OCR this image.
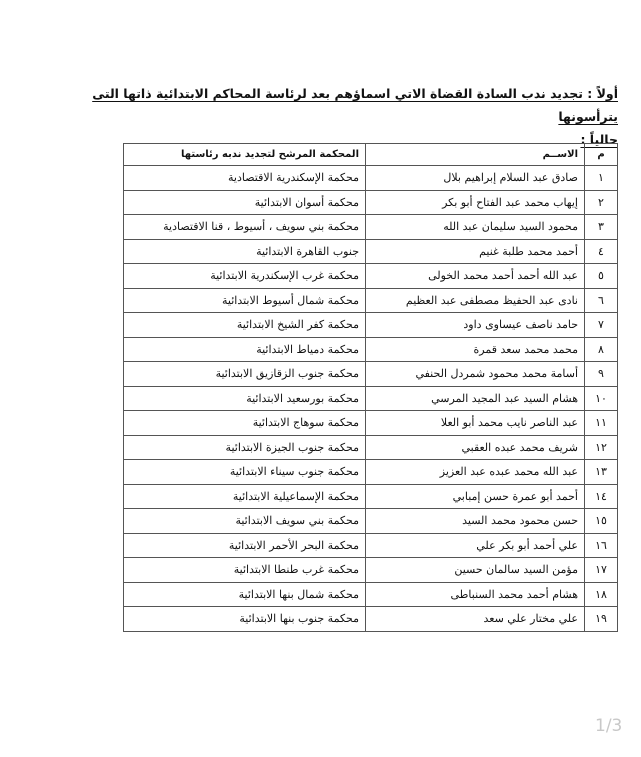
أولاً : تجديد ندب السادة القضاة الاتي اسماؤهم بعد لرئاسة المحاكم الابتدائية ذاتها التى يترأسونها
حالياً :
م	الاســم	المحكمة المرشح لتجديد ندبه رئاستها
١	صادق عبد السلام إبراهيم بلال	محكمة الإسكندرية الاقتصادية
٢	إيهاب محمد عبد الفتاح أبو بكر	محكمة أسوان الابتدائية
٣	محمود السيد سليمان عبد الله	محكمة بني سويف ، أسيوط ، قنا الاقتصادية
٤	أحمد محمد طلبة غنيم	جنوب القاهرة الابتدائية
٥	عبد الله أحمد أحمد محمد الخولى	محكمة غرب الإسكندرية الابتدائية
٦	نادى عبد الحفيظ مصطفى عبد العظيم	محكمة شمال أسيوط الابتدائية
٧	حامد ناصف عيساوى داود	محكمة كفر الشيخ الابتدائية
٨	محمد محمد سعد قمرة	محكمة دمياط الابتدائية
٩	أسامة محمد محمود شمردل الحنفي	محكمة جنوب الزقازيق الابتدائية
١٠	هشام السيد عبد المجيد المرسي	محكمة بورسعيد الابتدائية
١١	عبد الناصر نايب محمد أبو العلا	محكمة سوهاج الابتدائية
١٢	شريف محمد عبده العقبي	محكمة جنوب الجيزة الابتدائية
١٣	عبد الله محمد عبده عبد العزيز	محكمة جنوب سيناء الابتدائية
١٤	أحمد أبو عمرة حسن إمبابي	محكمة الإسماعيلية الابتدائية
١٥	حسن محمود محمد السيد	محكمة بني سويف الابتدائية
١٦	علي أحمد أبو بكر علي	محكمة البحر الأحمر الابتدائية
١٧	مؤمن السيد سالمان حسين	محكمة غرب طنطا الابتدائية
١٨	هشام أحمد محمد السنباطى	محكمة شمال بنها الابتدائية
١٩	علي مختار علي سعد	محكمة جنوب بنها الابتدائية
1/3
